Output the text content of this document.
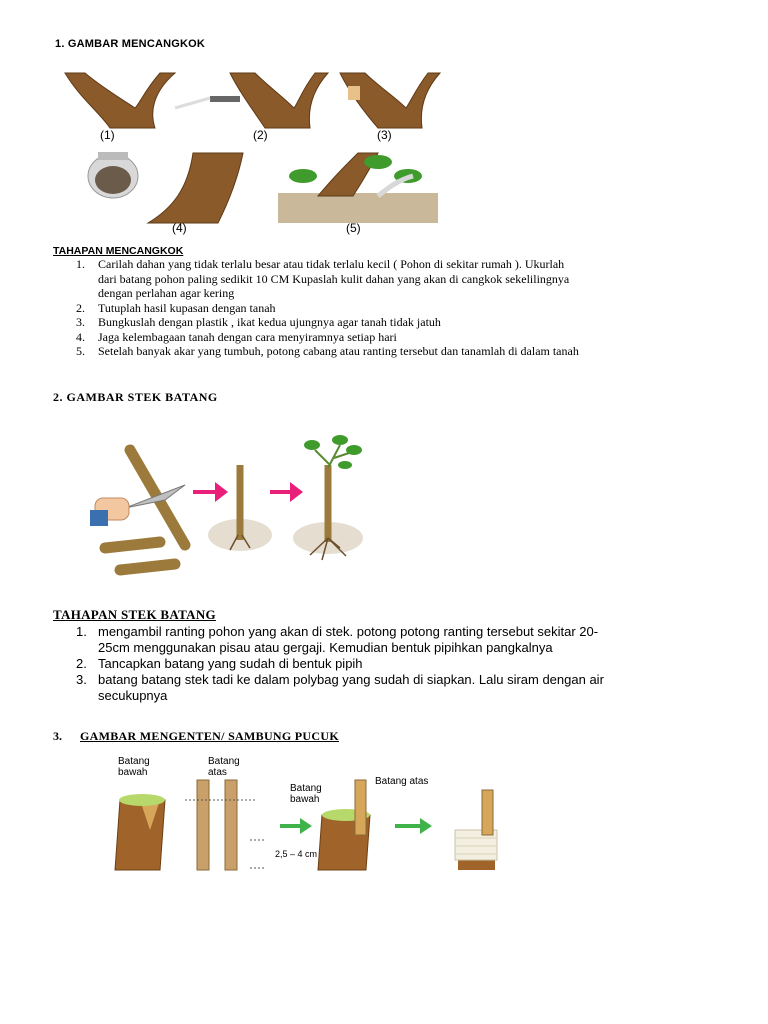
1. GAMBAR MENCANGKOK
(1)	(2)	(3)
(4)	(5)
TAHAPAN MENCANGKOK
1. Carilah dahan yang tidak terlalu besar atau tidak terlalu kecil ( Pohon di sekitar rumah ). Ukurlah
dari batang pohon paling sedikit 10 CM Kupaslah kulit dahan yang akan di cangkok sekelilingnya
dengan perlahan agar kering
2. Tutuplah hasil kupasan dengan tanah
3. Bungkuslah dengan plastik , ikat kedua ujungnya agar tanah tidak jatuh
4. Jaga kelembagaan tanah dengan cara menyiramnya setiap hari
5. Setelah banyak akar yang tumbuh, potong cabang atau ranting tersebut dan tanamlah di dalam tanah
2. GAMBAR STEK BATANG
TAHAPAN STEK BATANG
1. mengambil ranting pohon yang akan di stek. potong potong ranting tersebut sekitar 20-
25cm menggunakan pisau atau gergaji. Kemudian bentuk pipihkan pangkalnya
2. Tancapkan batang yang sudah di bentuk pipih
3. batang batang stek tadi ke dalam polybag yang sudah di siapkan. Lalu siram dengan air
secukupnya
3. GAMBAR MENGENTEN/ SAMBUNG PUCUK
Batang
bawah
Batang
atas
2,5 – 4 cm
Batang
bawah
Batang atas
